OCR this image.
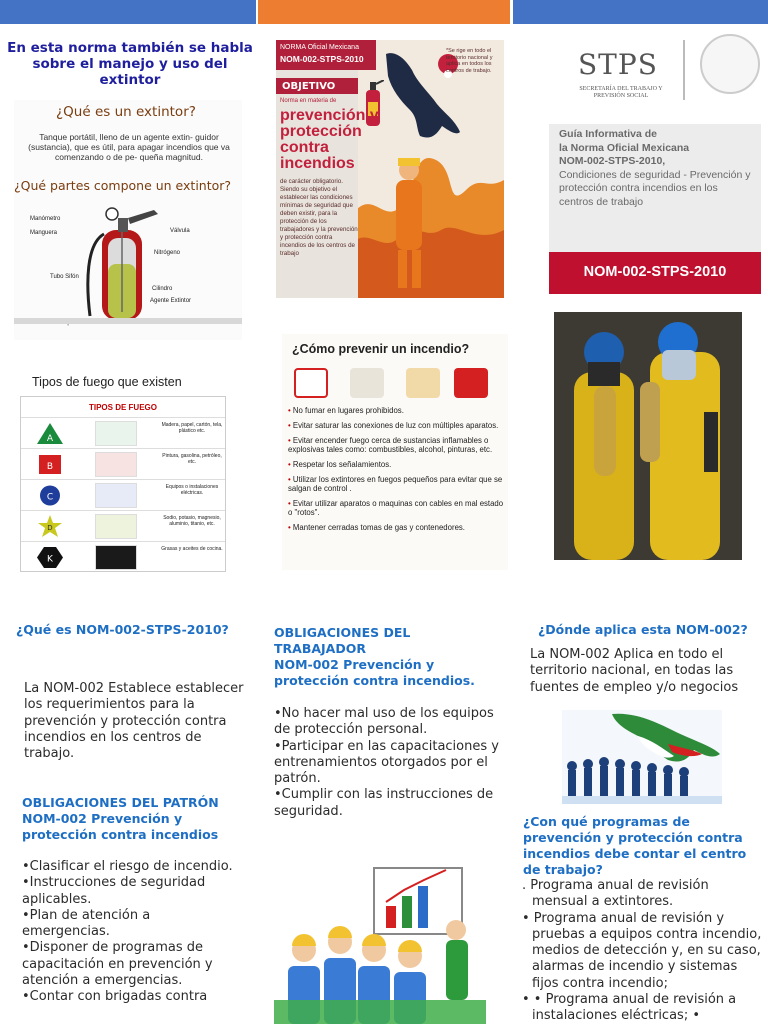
En esta norma también se habla sobre el manejo y uso del extintor
¿Qué es un extintor?
Tanque portátil, lleno de un agente extin- guidor (sustancia), que es útil, para apagar incendios que va comenzando o de pe- queña magnitud.
¿Qué partes compone un extintor?
Manómetro
Manguera
Tubo Sifón
Válvula
Nitrógeno
Cilindro
Agente Extintor
Tipos de fuego que existen
TIPOS DE FUEGO
A
Madera, papel, cartón, tela, plástico etc.
B
Pintura, gasolina, petróleo, etc.
C
Equipos o instalaciones eléctricas.
D
Sodio, potasio, magnesio, aluminio, titanio, etc.
K
Grasas y aceites de cocina.
NORMA Oficial Mexicana
NOM-002-STPS-2010
OBJETIVO
Norma en materia de
prevención y protección contra incendios
de carácter obligatorio. Siendo su objetivo el establecer las condiciones mínimas de seguridad que deben existir, para la protección de los trabajadores y la prevención y protección contra incendios de los centros de trabajo
*Se rige en todo el territorio nacional y aplica en todos los centros de trabajo.
¿Cómo prevenir un incendio?
• No fumar en lugares prohibidos.
• Evitar saturar las conexiones de luz con múltiples aparatos.
• Evitar encender fuego cerca de sustancias inflamables o explosivas tales como: combustibles, alcohol, pinturas, etc.
• Respetar los señalamientos.
• Utilizar los extintores en fuegos pequeños para evitar que se salgan de control .
• Evitar utilizar aparatos o maquinas con cables en mal estado o "rotos".
• Mantener cerradas tomas de gas y contenedores.
STPS
SECRETARÍA DEL TRABAJO Y PREVISIÓN SOCIAL
Guía Informativa de
la Norma Oficial Mexicana
NOM-002-STPS-2010,
Condiciones de seguridad - Prevención y protección contra incendios en los centros de trabajo
NOM-002-STPS-2010
¿Qué es NOM-002-STPS-2010?
La NOM-002 Establece establecer los requerimientos para la prevención y protección contra incendios en los centros de trabajo.
OBLIGACIONES DEL PATRÓN NOM-002 Prevención y protección contra incendios

•Clasificar el riesgo de incendio.

•Instrucciones de seguridad aplicables.

•Plan de atención a emergencias.

•Disponer de programas de capacitación en prevención y atención a emergencias.

•Contar con brigadas contra

OBLIGACIONES DEL TRABAJADOR
NOM-002 Prevención y protección contra incendios.

•No hacer mal uso de los equipos de protección personal.

•Participar en las capacitaciones y entrenamientos otorgados por el patrón.

•Cumplir con las instrucciones de seguridad.

¿Dónde aplica esta NOM-002?
La NOM-002 Aplica en todo el territorio nacional, en todas las fuentes de empleo y/o negocios
¿Con qué programas de prevención y protección contra incendios debe contar el centro de trabajo?

. Programa anual de revisión mensual a extintores.

• Programa anual de revisión y pruebas a equipos contra incendio, medios de detección y, en su caso, alarmas de incendio y sistemas fijos contra incendio;

• • Programa anual de revisión a instalaciones eléctricas; •
